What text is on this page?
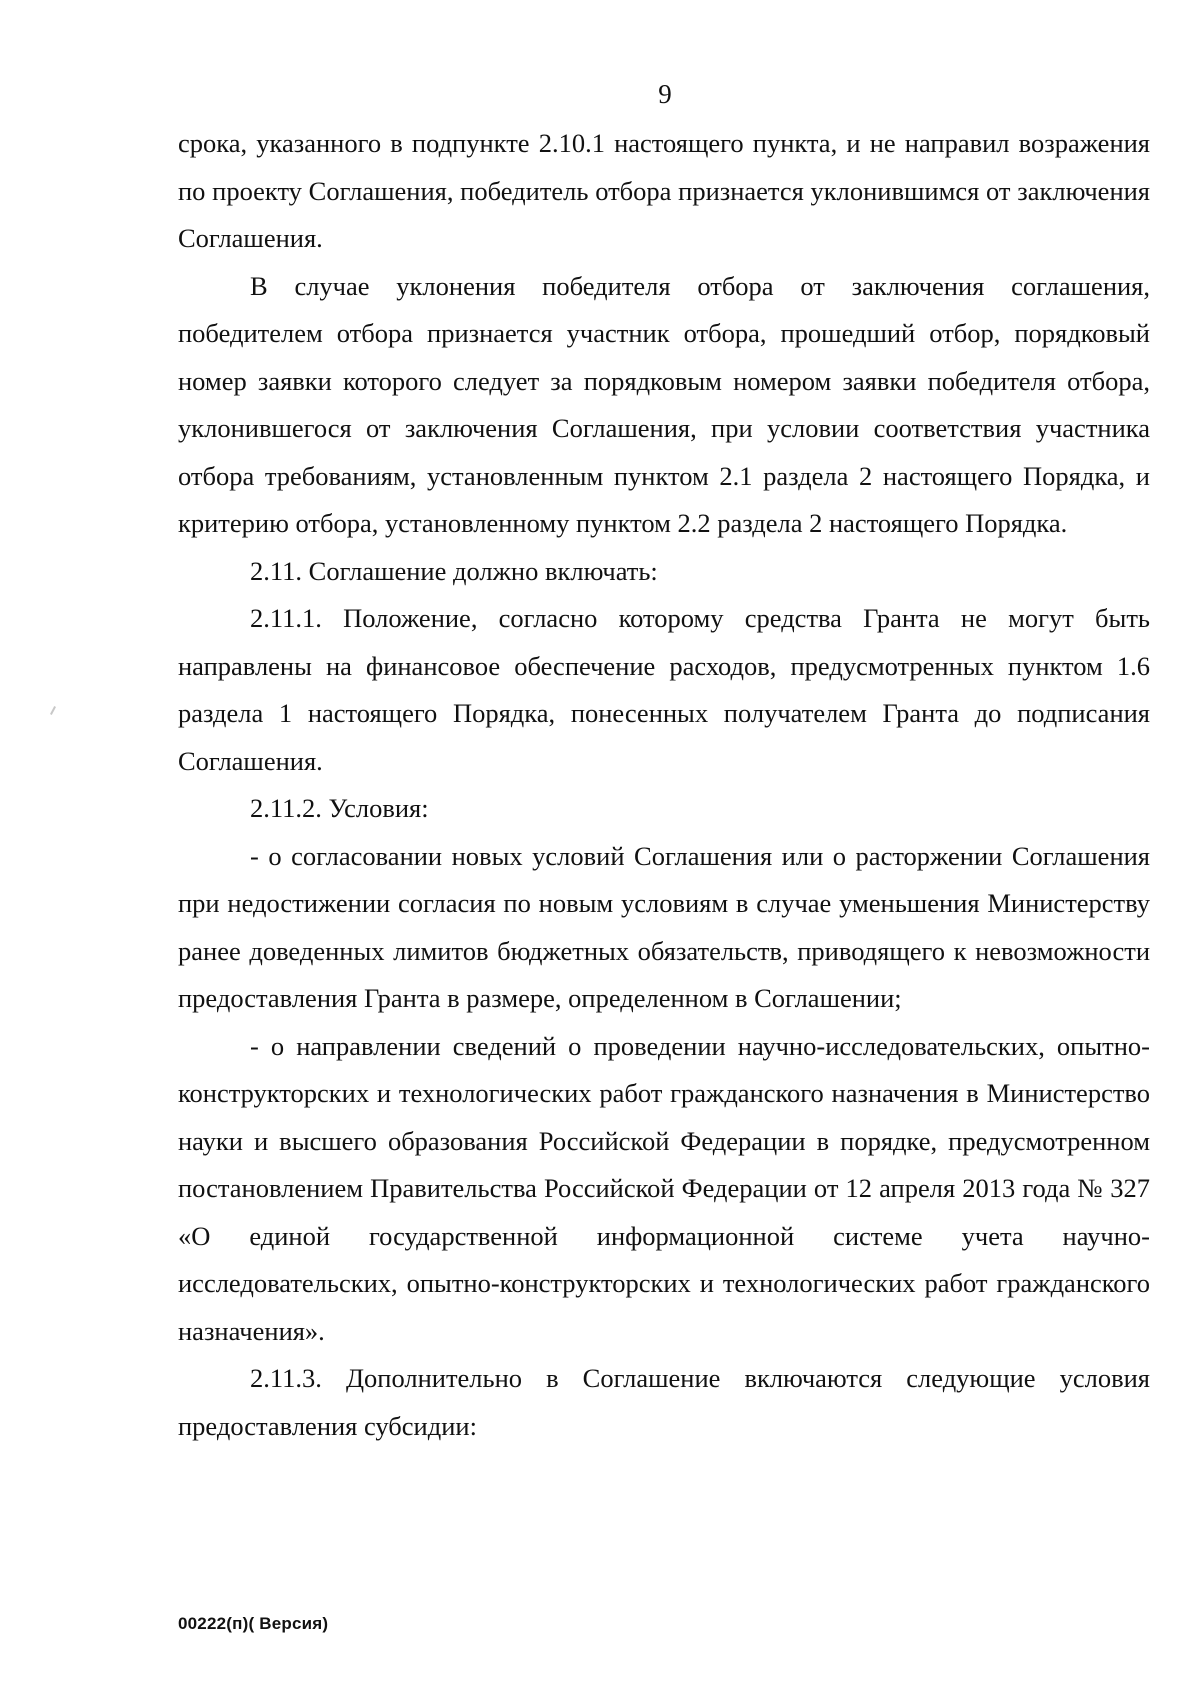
9

срока, указанного в подпункте 2.10.1 настоящего пункта, и не направил возражения по проекту Соглашения, победитель отбора признается уклонившимся от заключения Соглашения.

В случае уклонения победителя отбора от заключения соглашения, победителем отбора признается участник отбора, прошедший отбор, порядковый номер заявки которого следует за порядковым номером заявки победителя отбора, уклонившегося от заключения Соглашения, при условии соответствия участника отбора требованиям, установленным пунктом 2.1 раздела 2 настоящего Порядка, и критерию отбора, установленному пунктом 2.2 раздела 2 настоящего Порядка.

2.11. Соглашение должно включать:

2.11.1. Положение, согласно которому средства Гранта не могут быть направлены на финансовое обеспечение расходов, предусмотренных пунктом 1.6 раздела 1 настоящего Порядка, понесенных получателем Гранта до подписания Соглашения.

2.11.2. Условия:

- о согласовании новых условий Соглашения или о расторжении Соглашения при недостижении согласия по новым условиям в случае уменьшения Министерству ранее доведенных лимитов бюджетных обязательств, приводящего к невозможности предоставления Гранта в размере, определенном в Соглашении;

- о направлении сведений о проведении научно-исследовательских, опытно-конструкторских и технологических работ гражданского назначения в Министерство науки и высшего образования Российской Федерации в порядке, предусмотренном постановлением Правительства Российской Федерации от 12 апреля 2013 года № 327 «О единой государственной информационной системе учета научно-исследовательских, опытно-конструкторских и технологических работ гражданского назначения».

2.11.3. Дополнительно в Соглашение включаются следующие условия предоставления субсидии:

00222(п)( Версия)
